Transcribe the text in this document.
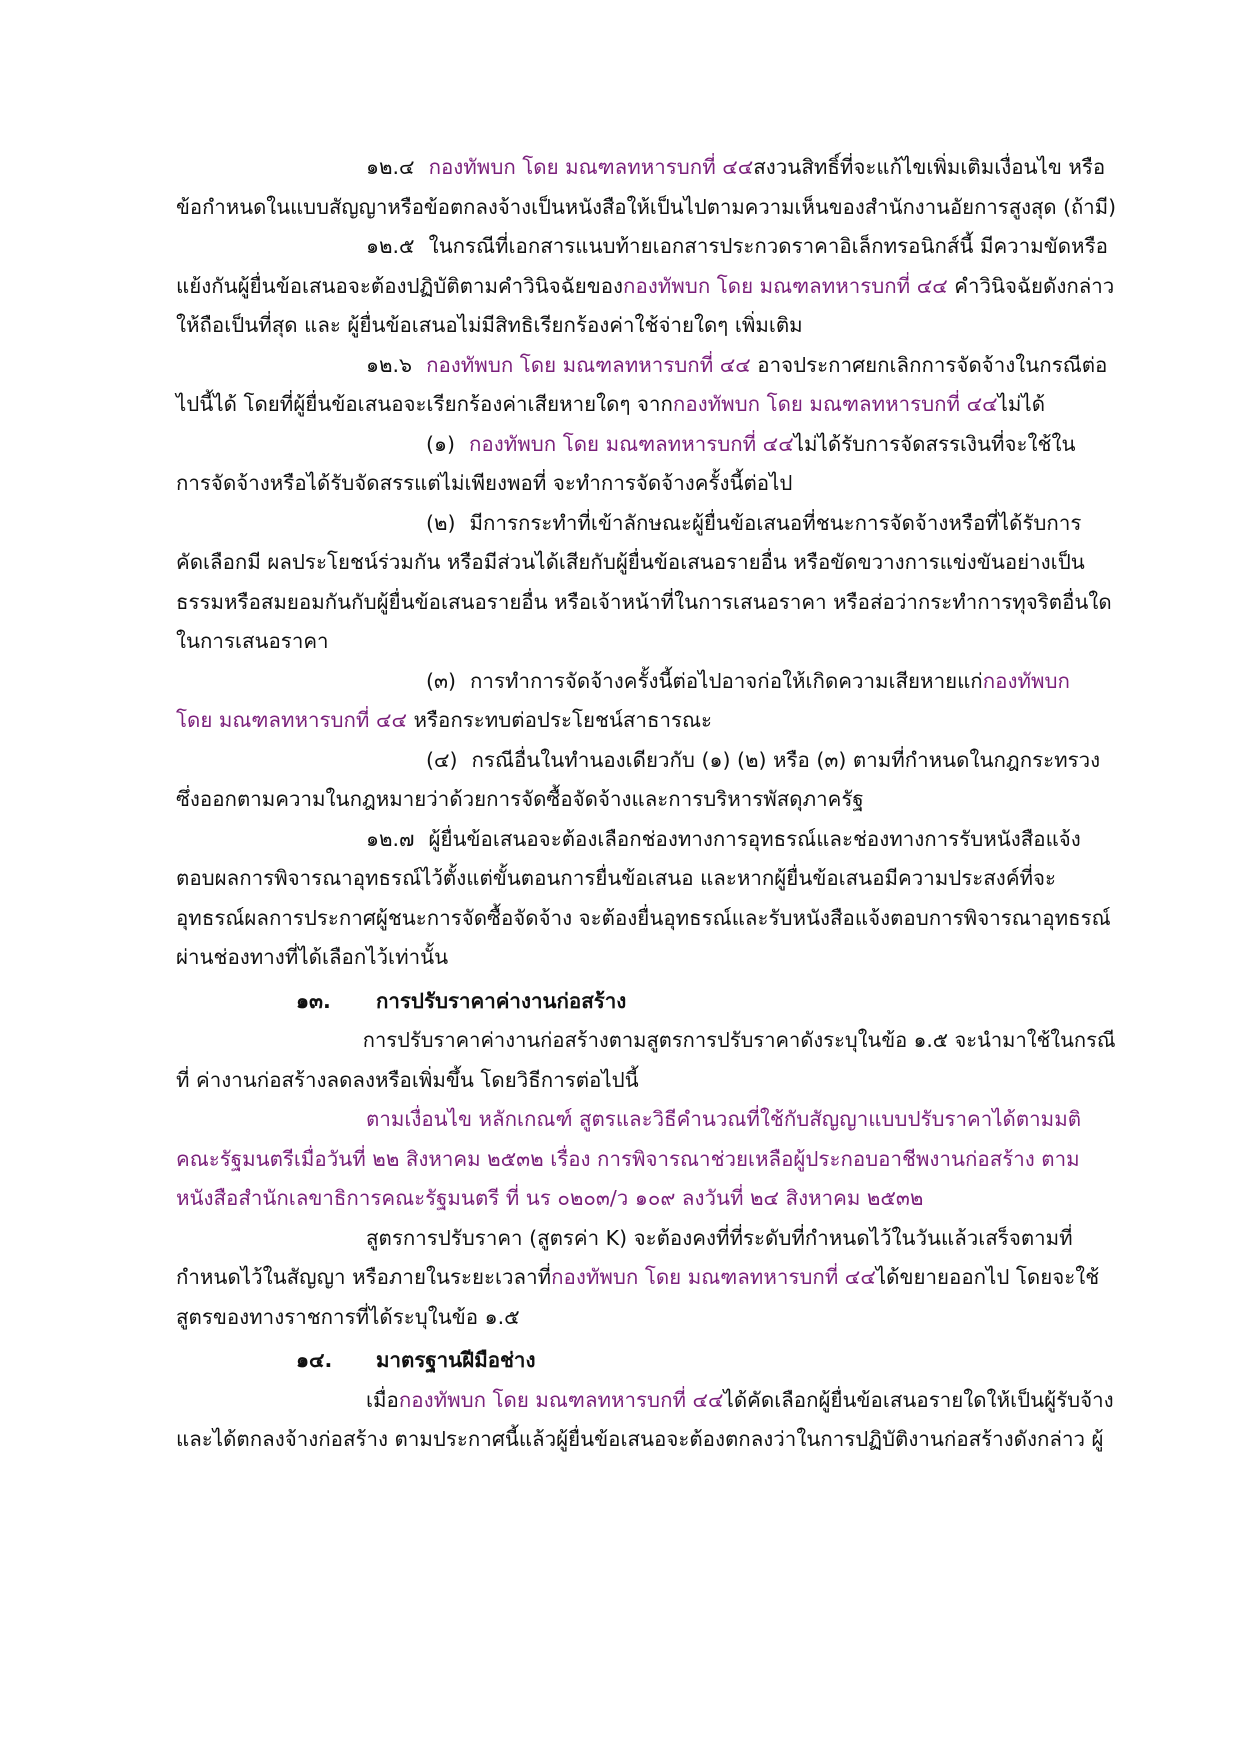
๑๒.๔ กองทัพบก โดย มณฑลทหารบกที่ ๔๔สงวนสิทธิ์ที่จะแก้ไขเพิ่มเติมเงื่อนไข หรือ
ข้อกำหนดในแบบสัญญาหรือข้อตกลงจ้างเป็นหนังสือให้เป็นไปตามความเห็นของสำนักงานอัยการสูงสุด (ถ้ามี)
๑๒.๕ ในกรณีที่เอกสารแนบท้ายเอกสารประกวดราคาอิเล็กทรอนิกส์นี้ มีความขัดหรือ
แย้งกันผู้ยื่นข้อเสนอจะต้องปฏิบัติตามคำวินิจฉัยของกองทัพบก โดย มณฑลทหารบกที่ ๔๔ คำวินิจฉัยดังกล่าว
ให้ถือเป็นที่สุด และ ผู้ยื่นข้อเสนอไม่มีสิทธิเรียกร้องค่าใช้จ่ายใดๆ เพิ่มเติม
๑๒.๖ กองทัพบก โดย มณฑลทหารบกที่ ๔๔ อาจประกาศยกเลิกการจัดจ้างในกรณีต่อ
ไปนี้ได้ โดยที่ผู้ยื่นข้อเสนอจะเรียกร้องค่าเสียหายใดๆ จากกองทัพบก โดย มณฑลทหารบกที่ ๔๔ไม่ได้
(๑) กองทัพบก โดย มณฑลทหารบกที่ ๔๔ไม่ได้รับการจัดสรรเงินที่จะใช้ใน
การจัดจ้างหรือได้รับจัดสรรแต่ไม่เพียงพอที่ จะทำการจัดจ้างครั้งนี้ต่อไป
(๒) มีการกระทำที่เข้าลักษณะผู้ยื่นข้อเสนอที่ชนะการจัดจ้างหรือที่ได้รับการ
คัดเลือกมี ผลประโยชน์ร่วมกัน หรือมีส่วนได้เสียกับผู้ยื่นข้อเสนอรายอื่น หรือขัดขวางการแข่งขันอย่างเป็น
ธรรมหรือสมยอมกันกับผู้ยื่นข้อเสนอรายอื่น หรือเจ้าหน้าที่ในการเสนอราคา หรือส่อว่ากระทำการทุจริตอื่นใด
ในการเสนอราคา
(๓) การทำการจัดจ้างครั้งนี้ต่อไปอาจก่อให้เกิดความเสียหายแก่กองทัพบก
โดย มณฑลทหารบกที่ ๔๔ หรือกระทบต่อประโยชน์สาธารณะ
(๔) กรณีอื่นในทำนองเดียวกับ (๑) (๒) หรือ (๓) ตามที่กำหนดในกฎกระทรวง
ซึ่งออกตามความในกฎหมายว่าด้วยการจัดซื้อจัดจ้างและการบริหารพัสดุภาครัฐ
๑๒.๗ ผู้ยื่นข้อเสนอจะต้องเลือกช่องทางการอุทธรณ์และช่องทางการรับหนังสือแจ้ง
ตอบผลการพิจารณาอุทธรณ์ไว้ตั้งแต่ขั้นตอนการยื่นข้อเสนอ และหากผู้ยื่นข้อเสนอมีความประสงค์ที่จะ
อุทธรณ์ผลการประกาศผู้ชนะการจัดซื้อจัดจ้าง จะต้องยื่นอุทธรณ์และรับหนังสือแจ้งตอบการพิจารณาอุทธรณ์
ผ่านช่องทางที่ได้เลือกไว้เท่านั้น
๑๓. การปรับราคาค่างานก่อสร้าง
การปรับราคาค่างานก่อสร้างตามสูตรการปรับราคาดังระบุในข้อ ๑.๕ จะนำมาใช้ในกรณี
ที่ ค่างานก่อสร้างลดลงหรือเพิ่มขึ้น โดยวิธีการต่อไปนี้
ตามเงื่อนไข หลักเกณฑ์ สูตรและวิธีคำนวณที่ใช้กับสัญญาแบบปรับราคาได้ตามมติ
คณะรัฐมนตรีเมื่อวันที่ ๒๒ สิงหาคม ๒๕๓๒ เรื่อง การพิจารณาช่วยเหลือผู้ประกอบอาชีพงานก่อสร้าง ตาม
หนังสือสำนักเลขาธิการคณะรัฐมนตรี ที่ นร ๐๒๐๓/ว ๑๐๙ ลงวันที่ ๒๔ สิงหาคม ๒๕๓๒
สูตรการปรับราคา (สูตรค่า K) จะต้องคงที่ที่ระดับที่กำหนดไว้ในวันแล้วเสร็จตามที่
กำหนดไว้ในสัญญา หรือภายในระยะเวลาที่กองทัพบก โดย มณฑลทหารบกที่ ๔๔ได้ขยายออกไป โดยจะใช้
สูตรของทางราชการที่ได้ระบุในข้อ ๑.๕
๑๔. มาตรฐานฝีมือช่าง
เมื่อกองทัพบก โดย มณฑลทหารบกที่ ๔๔ได้คัดเลือกผู้ยื่นข้อเสนอรายใดให้เป็นผู้รับจ้าง
และได้ตกลงจ้างก่อสร้าง ตามประกาศนี้แล้วผู้ยื่นข้อเสนอจะต้องตกลงว่าในการปฏิบัติงานก่อสร้างดังกล่าว ผู้
